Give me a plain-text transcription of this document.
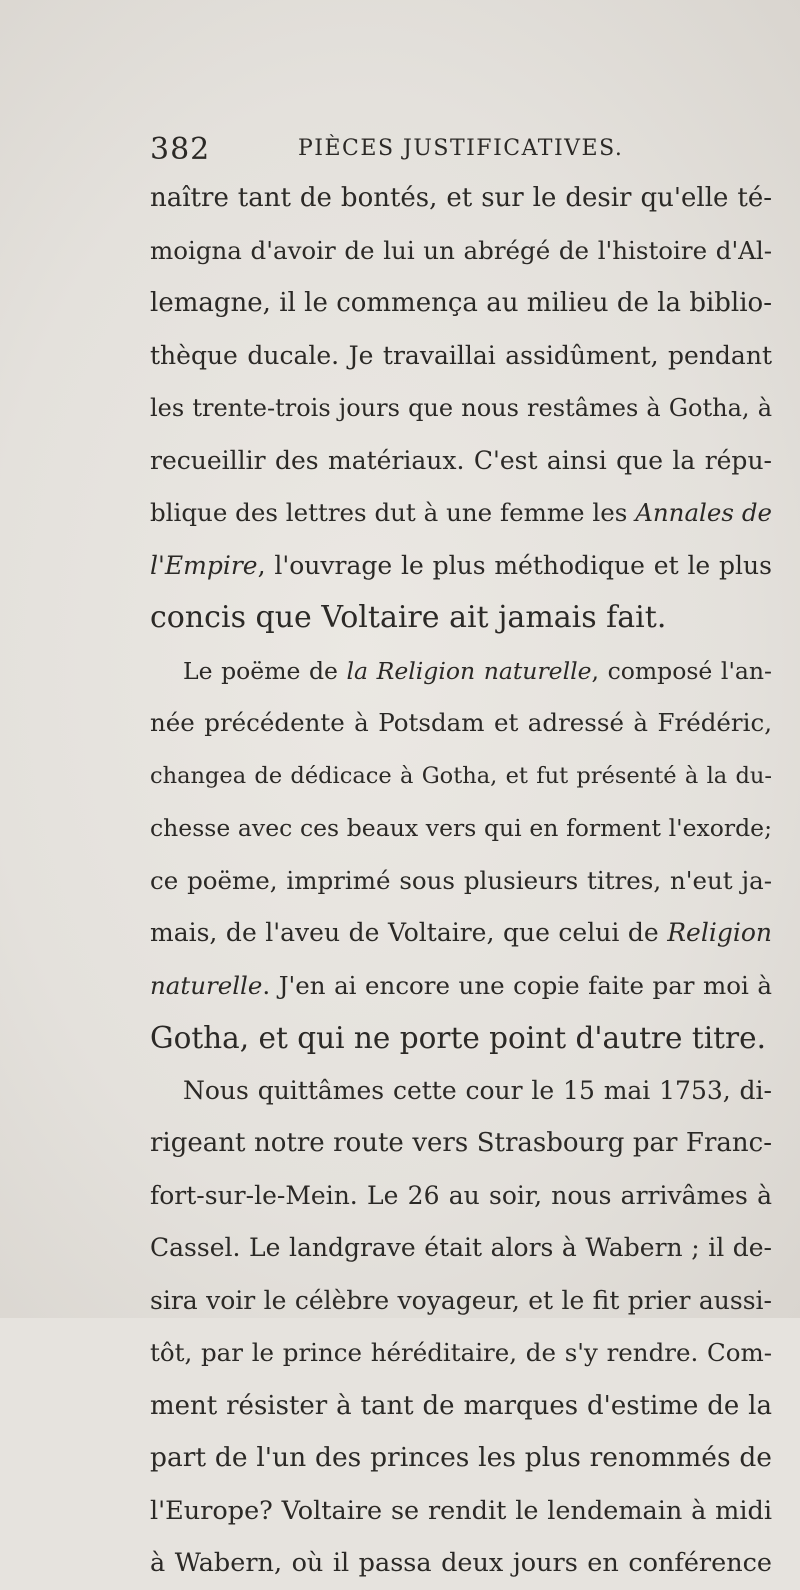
382	PIÈCES JUSTIFICATIVES.
naître tant de bontés, et sur le desir qu'elle té-
moigna d'avoir de lui un abrégé de l'histoire d'Al-
lemagne, il le commença au milieu de la biblio-
thèque ducale. Je travaillai assidûment, pendant
les trente-trois jours que nous restâmes à Gotha, à
recueillir des matériaux. C'est ainsi que la répu-
blique des lettres dut à une femme les Annales de
l'Empire, l'ouvrage le plus méthodique et le plus
concis que Voltaire ait jamais fait.
Le poëme de la Religion naturelle, composé l'an-
née précédente à Potsdam et adressé à Frédéric,
changea de dédicace à Gotha, et fut présenté à la du-
chesse avec ces beaux vers qui en forment l'exorde;
ce poëme, imprimé sous plusieurs titres, n'eut ja-
mais, de l'aveu de Voltaire, que celui de Religion
naturelle. J'en ai encore une copie faite par moi à
Gotha, et qui ne porte point d'autre titre.
Nous quittâmes cette cour le 15 mai 1753, di-
rigeant notre route vers Strasbourg par Franc-
fort-sur-le-Mein. Le 26 au soir, nous arrivâmes à
Cassel. Le landgrave était alors à Wabern ; il de-
sira voir le célèbre voyageur, et le fit prier aussi-
tôt, par le prince héréditaire, de s'y rendre. Com-
ment résister à tant de marques d'estime de la
part de l'un des princes les plus renommés de
l'Europe? Voltaire se rendit le lendemain à midi
à Wabern, où il passa deux jours en conférence
